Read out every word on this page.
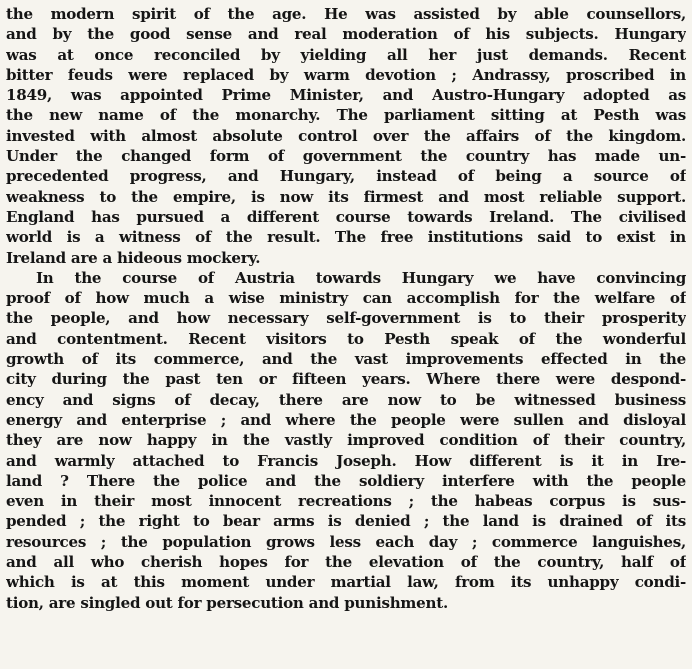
the modern spirit of the age. He was assisted by able counsellors,
and by the good sense and real moderation of his subjects. Hungary
was at once reconciled by yielding all her just demands. Recent
bitter feuds were replaced by warm devotion ; Andrassy, proscribed in
1849, was appointed Prime Minister, and Austro-Hungary adopted as
the new name of the monarchy. The parliament sitting at Pesth was
invested with almost absolute control over the affairs of the kingdom.
Under the changed form of government the country has made un-
precedented progress, and Hungary, instead of being a source of
weakness to the empire, is now its firmest and most reliable support.
England has pursued a different course towards Ireland. The civilised
world is a witness of the result. The free institutions said to exist in
Ireland are a hideous mockery.
In the course of Austria towards Hungary we have convincing
proof of how much a wise ministry can accomplish for the welfare of
the people, and how necessary self-government is to their prosperity
and contentment. Recent visitors to Pesth speak of the wonderful
growth of its commerce, and the vast improvements effected in the
city during the past ten or fifteen years. Where there were despond-
ency and signs of decay, there are now to be witnessed business
energy and enterprise ; and where the people were sullen and disloyal
they are now happy in the vastly improved condition of their country,
and warmly attached to Francis Joseph. How different is it in Ire-
land ? There the police and the soldiery interfere with the people
even in their most innocent recreations ; the habeas corpus is sus-
pended ; the right to bear arms is denied ; the land is drained of its
resources ; the population grows less each day ; commerce languishes,
and all who cherish hopes for the elevation of the country, half of
which is at this moment under martial law, from its unhappy condi-
tion, are singled out for persecution and punishment.
